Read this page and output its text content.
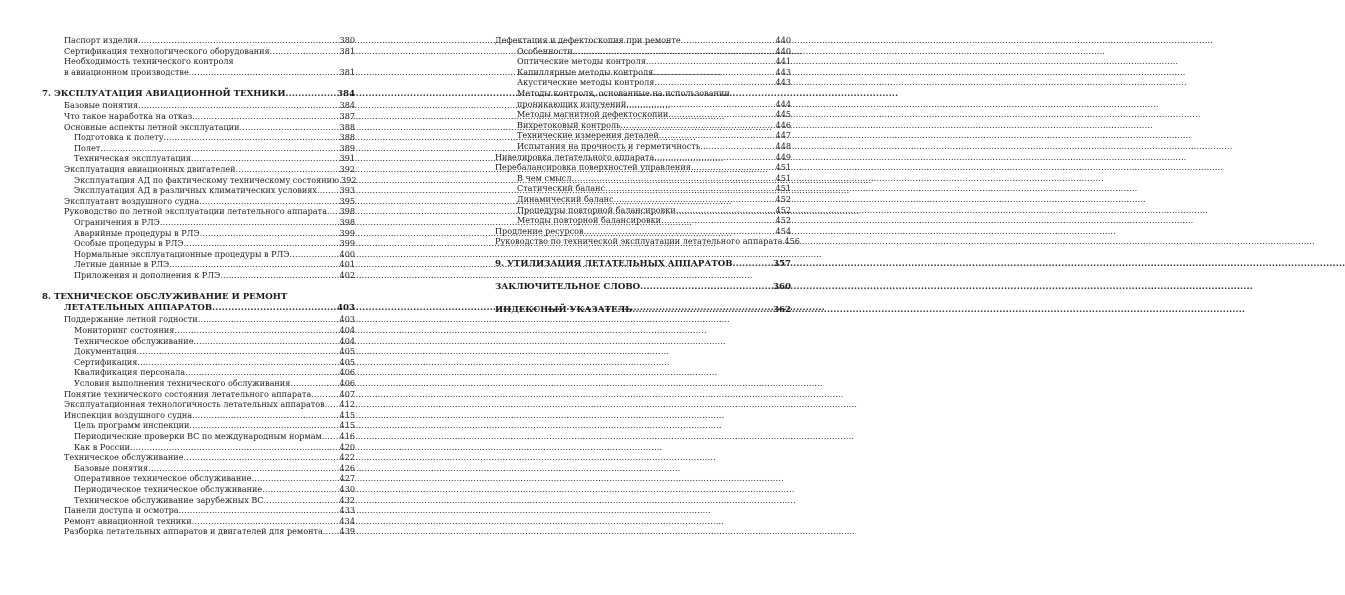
Паспорт изделия .....	380
Сертификация технологического оборудования .....	381
Необходимость технического контроля
в авиационном производстве .....	381
7. ЭКСПЛУАТАЦИЯ АВИАЦИОННОЙ ТЕХНИКИ .....	384
Базовые понятия .....	384
Что такое наработка на отказ .....	387
Основные аспекты летной эксплуатации .....	388
Подготовка к полету .....	388
Полет .....	389
Техническая эксплуатация .....	391
Эксплуатация авиационных двигателей .....	392
Эксплуатация АД по фактическому техническому состоянию ..... 392
Эксплуатация АД в различных климатических условиях .....	393
Эксплуатант воздушного судна .....	395
Руководство по летной эксплуатации летательного аппарата ..... 398
Ограничения в РЛЭ .....	398
Аварийные процедуры в РЛЭ .....	399
Особые процедуры в РЛЭ .....	399
Нормальные эксплуатационные процедуры в РЛЭ .....	400
Летные данные в РЛЭ .....	401
Приложения и дополнения к РЛЭ .....	402
8. ТЕХНИЧЕСКОЕ ОБСЛУЖИВАНИЕ И РЕМОНТ
ЛЕТАТЕЛЬНЫХ АППАРАТОВ .....	403
Поддержание летной годности .....	403
Мониторинг состояния .....	404
Техническое обслуживание .....	404
Документация .....	405
Сертификация .....	405
Квалификация персонала .....	406
Условия выполнения технического обслуживания .....	406
Понятие технического состояния летательного аппарата .....	407
Эксплуатационная технологичность летательных аппаратов ..... 412
Инспекция воздушного судна .....	415
Цель программ инспекции .....	415
Периодические проверки ВС по международным нормам ..... 416
Как в России .....	420
Техническое обслуживание .....	422
Базовые понятия .....	426
Оперативное техническое обслуживание .....	427
Периодическое техническое обслуживание .....	430
Техническое обслуживание зарубежных ВС .....	432
Панели доступа и осмотра .....	433
Ремонт авиационной техники .....	434
Разборка летательных аппаратов и двигателей для ремонта ..... 439
Дефектация и дефектоскопия при ремонте .....	440
Особенности .....	440
Оптические методы контроля .....	441
Капиллярные методы контроля .....	443
Акустические методы контроля .....	443
Методы контроля, основанные на использовании
проникающих излучений .....	444
Методы магнитной дефектоскопии .....	445
Вихретоковый контроль .....	446
Технические измерения деталей .....	447
Испытания на прочность и герметичность .....	448
Нивелировка летательного аппарата .....	449
Перебалансировка поверхностей управления .....	451
В чем смысл .....	451
Статический баланс .....	451
Динамический баланс .....	452
Процедуры повторной балансировки .....	452
Методы повторной балансировки .....	452
Продление ресурсов .....	454
Руководство по технической эксплуатации летательного аппарата ..... 456
9. УТИЛИЗАЦИЯ ЛЕТАТЕЛЬНЫХ АППАРАТОВ .....	357
ЗАКЛЮЧИТЕЛЬНОЕ СЛОВО .....	360
ИНДЕКСНЫЙ УКАЗАТЕЛЬ .....	362
